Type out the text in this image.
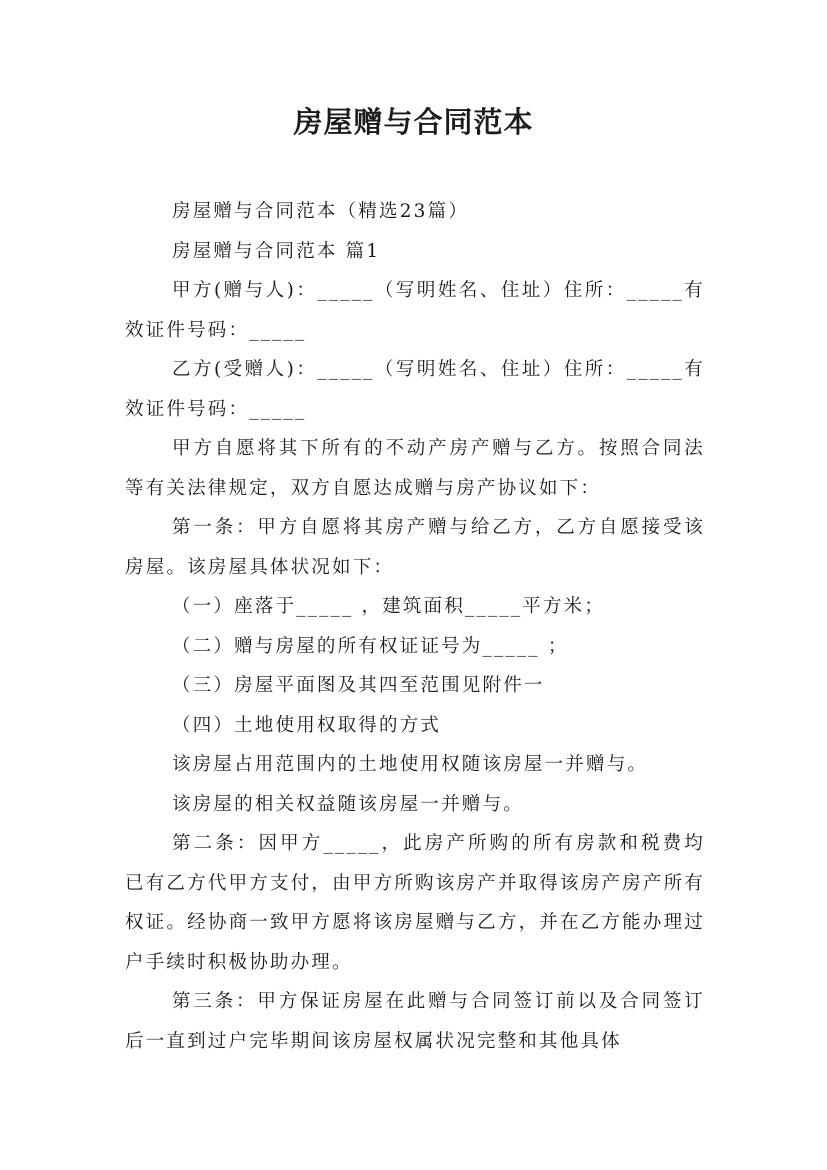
房屋赠与合同范本

房屋赠与合同范本（精选23篇）

房屋赠与合同范本 篇1

甲方(赠与人)：_____（写明姓名、住址）住所：_____有效证件号码：_____

乙方(受赠人)：_____（写明姓名、住址）住所：_____有效证件号码：_____

甲方自愿将其下所有的不动产房产赠与乙方。按照合同法等有关法律规定，双方自愿达成赠与房产协议如下：

第一条：甲方自愿将其房产赠与给乙方，乙方自愿接受该房屋。该房屋具体状况如下：

（一）座落于_____ ，建筑面积_____平方米；

（二）赠与房屋的所有权证证号为_____ ；

（三）房屋平面图及其四至范围见附件一

（四）土地使用权取得的方式

该房屋占用范围内的土地使用权随该房屋一并赠与。

该房屋的相关权益随该房屋一并赠与。

第二条：因甲方_____，此房产所购的所有房款和税费均已有乙方代甲方支付，由甲方所购该房产并取得该房产房产所有权证。经协商一致甲方愿将该房屋赠与乙方，并在乙方能办理过户手续时积极协助办理。

第三条：甲方保证房屋在此赠与合同签订前以及合同签订后一直到过户完毕期间该房屋权属状况完整和其他具体
